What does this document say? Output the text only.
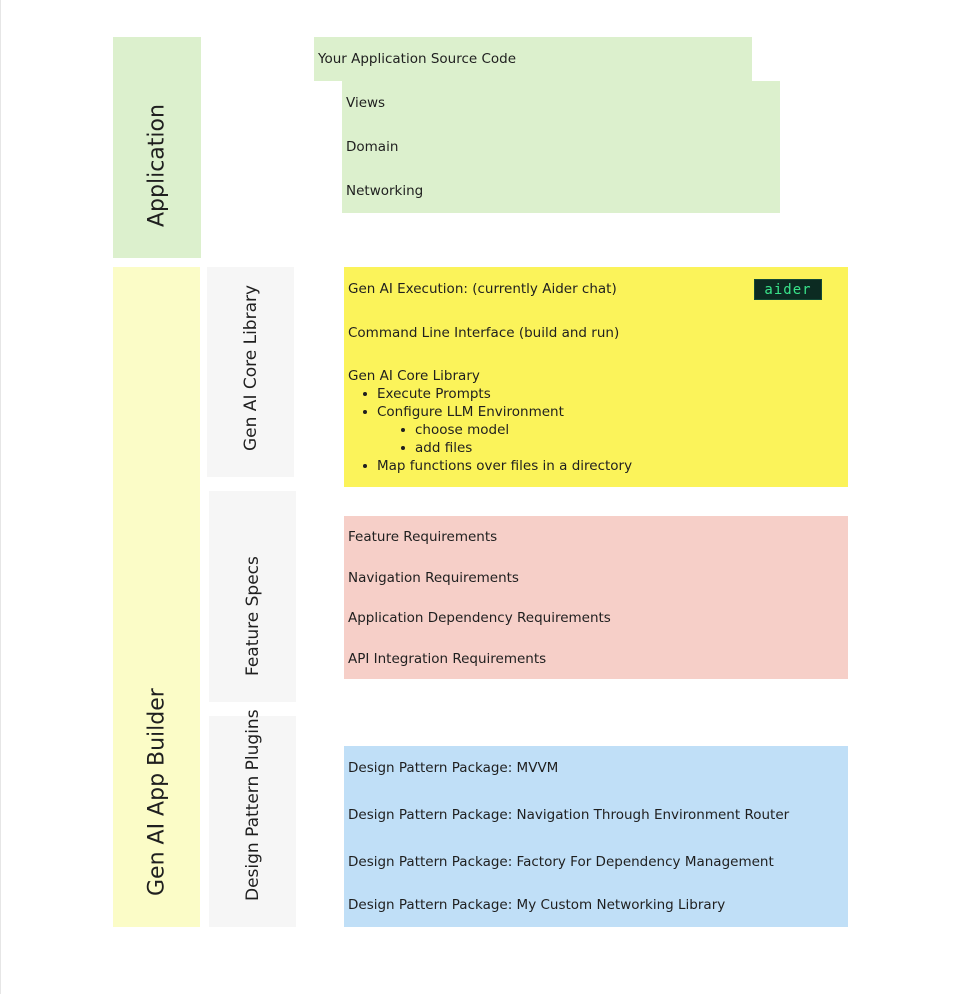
Application
Gen AI App Builder
Gen AI Core Library
Feature Specs
Design Pattern Plugins
Your Application Source Code
Views
Domain
Networking
Gen AI Execution: (currently Aider chat)	aider
Command Line Interface (build and run)
Gen AI Core Library
Execute Prompts
Configure LLM Environment
choose model
add files
Map functions over files in a directory
Feature Requirements
Navigation Requirements
Application Dependency Requirements
API Integration Requirements
Design Pattern Package: MVVM
Design Pattern Package: Navigation Through Environment Router
Design Pattern Package: Factory For Dependency Management
Design Pattern Package: My Custom Networking Library
